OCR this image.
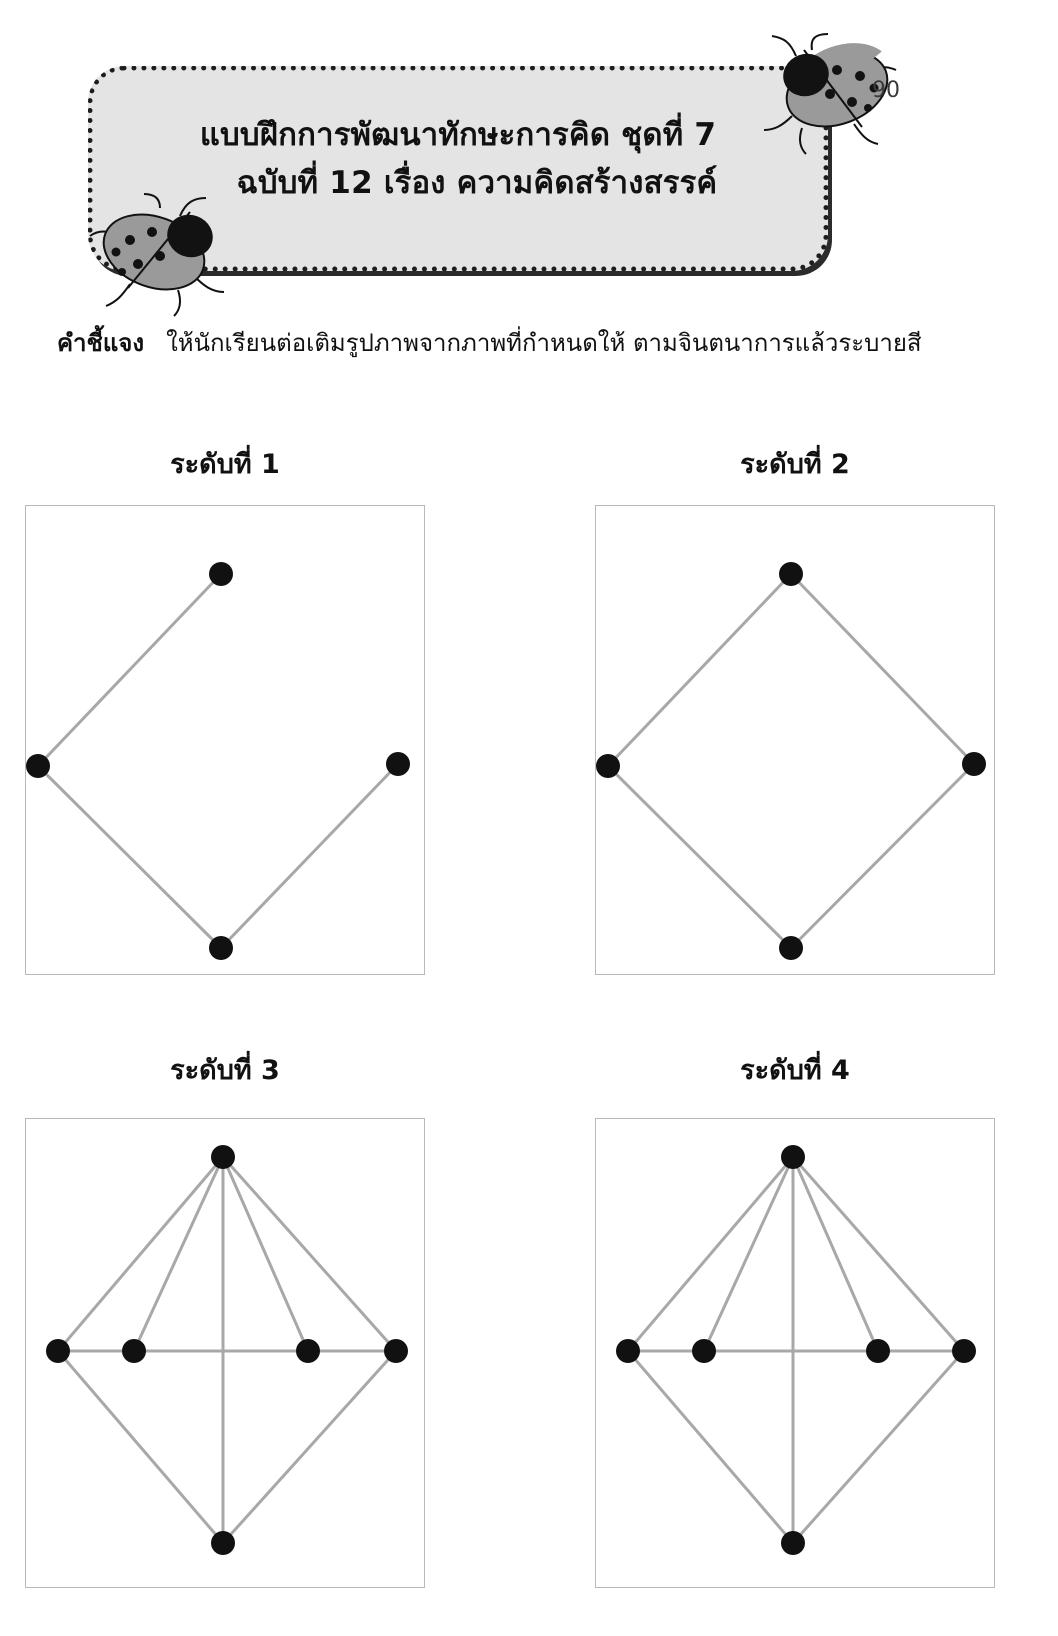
แบบฝึกการพัฒนาทักษะการคิด ชุดที่ 7
ฉบับที่ 12 เรื่อง ความคิดสร้างสรรค์
90
คำชี้แจง ให้นักเรียนต่อเติมรูปภาพจากภาพที่กำหนดให้ ตามจินตนาการแล้วระบายสี
ระดับที่ 1	ระดับที่ 2
ระดับที่ 3	ระดับที่ 4
